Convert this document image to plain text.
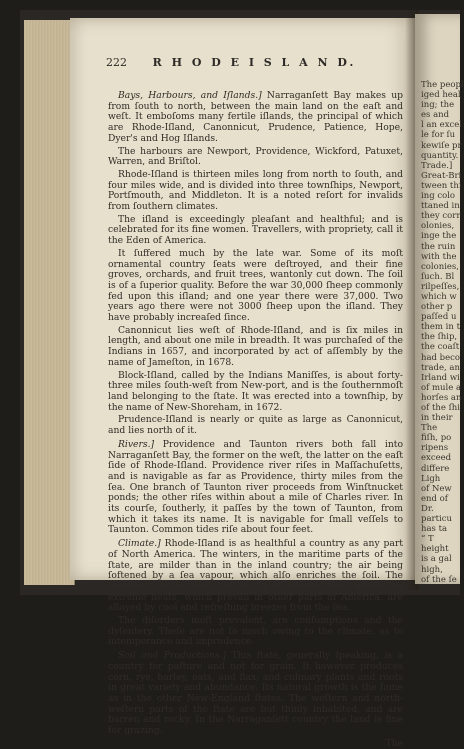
222	R H O D E I S L A N D.

Bays, Harbours, and Iſlands.] Narraganſett Bay makes up from ſouth to north, between the main land on the eaſt and weſt. It emboſoms many fertile iſlands, the principal of which are Rhode-Iſland, Canonnicut, Prudence, Patience, Hope, Dyer's and Hog Iſlands.

The harbours are Newport, Providence, Wickford, Patuxet, Warren, and Briſtol.

Rhode-Iſland is thirteen miles long from north to ſouth, and four miles wide, and is divided into three townſhips, Newport, Portſmouth, and Middleton. It is a noted reſort for invalids from ſouthern climates.

The iſland is exceedingly pleaſant and healthful; and is celebrated for its fine women. Travellers, with propriety, call it the Eden of America.

It ſuffered much by the late war. Some of its moſt ornamental country ſeats were deſtroyed, and their fine groves, orchards, and fruit trees, wantonly cut down. The ſoil is of a ſuperior quality. Before the war 30,000 ſheep commonly fed upon this iſland; and one year there were 37,000. Two years ago there were not 3000 ſheep upon the iſland. They have probably increaſed ſince.

Canonnicut lies weſt of Rhode-Iſland, and is ſix miles in length, and about one mile in breadth. It was purchaſed of the Indians in 1657, and incorporated by act of aſſembly by the name of Jameſton, in 1678.

Block-Iſland, called by the Indians Maniſſes, is about forty-three miles ſouth-weſt from New-port, and is the ſouthernmoſt land belonging to the ſtate. It was erected into a townſhip, by the name of New-Shoreham, in 1672.

Prudence-Iſland is nearly or quite as large as Canonnicut, and lies north of it.

Rivers.] Providence and Taunton rivers both fall into Narraganſett Bay, the former on the weſt, the latter on the eaſt ſide of Rhode-Iſland. Providence river riſes in Maſſachuſetts, and is navigable as far as Providence, thirty miles from the ſea. One branch of Taunton river proceeds from Winſtnucket ponds; the other riſes within about a mile of Charles river. In its courſe, ſoutherly, it paſſes by the town of Taunton, from which it takes its name. It is navigable for ſmall veſſels to Taunton. Common tides riſe about four feet.

Climate.] Rhode-Iſland is as healthful a country as any part of North America. The winters, in the maritime parts of the ſtate, are milder than in the inland country; the air being ſoftened by a ſea vapour, which alſo enriches the ſoil. The ſummers are delightful, eſpecially on Rhode-Iſland, where the extreme heats, which prevail in other parts of America, are allayed by cool and refreſhing breezes from the ſea.

The diſorders moſt prevalent, are conſumptions and the dyſentery. Theſe are not ſo much owing to the climate, as to intemperance and imprudence.

Soil and Productions.] This ſtate, generally ſpeaking, is a country for paſture and not for grain. It however produces corn, rye, barley, oats, and flax, and culinary plants and roots in great variety and abundance. Its natural growth is the ſame as in the other New-England ſtates. The weſtern and north-weſtern parts of the ſtate are but thinly inhabited, and are barren and rocky. In the Narraganſett country the land is fine for grazing.

The
The peopl
iged heal
ing; the
es and
l an excel
le for ſu
kewiſe pr
quantity.
Trade.]
Great-Bri
tween thi
ing colo
ttaned in
they corr
olonies,
inge the
the ruin
with the
colonies,
ſuch. Bl
rilpeſſes,
which w
other p
paſſed u
them in t
the ſhip,
the coaſt
had beco
trade, an
Irland wi
of mule a
horſes an
of the ſhi
in their
The
fiſh, po
ripens
exceed
differe
Ligh
of New
end of
Dr.
particu
has ta
“ T
height
is a gal
high,
of the ſe
